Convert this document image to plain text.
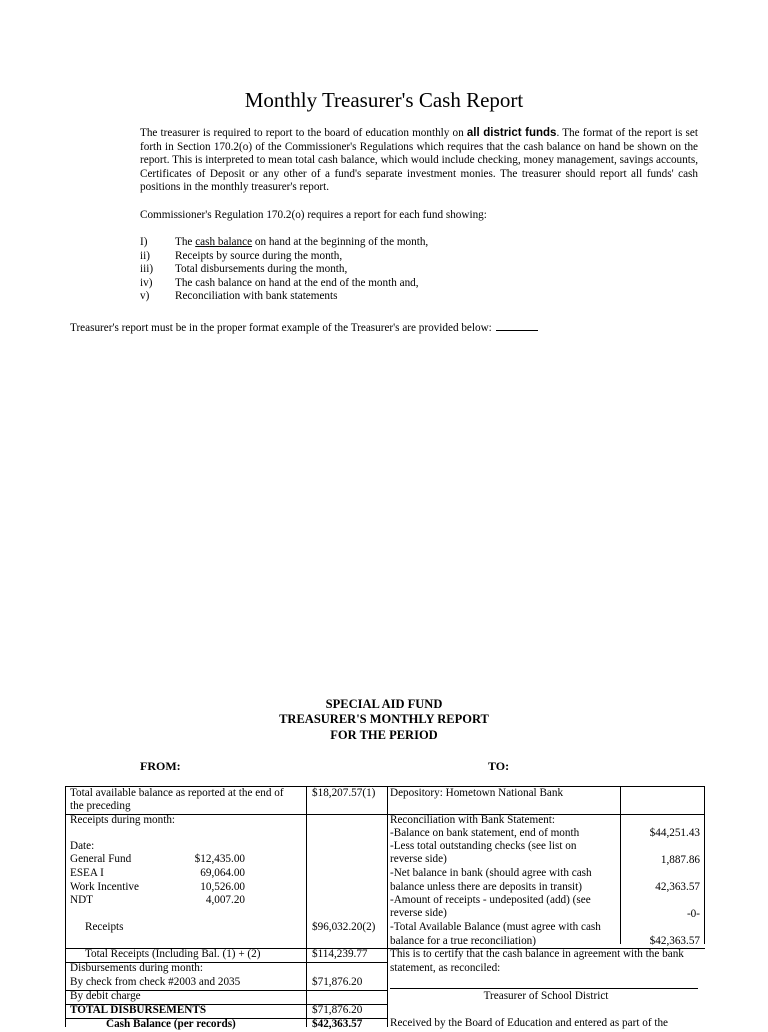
Monthly Treasurer's Cash Report
The treasurer is required to report to the board of education monthly on all district funds. The format of the report is set forth in Section 170.2(o) of the Commissioner's Regulations which requires that the cash balance on hand be shown on the report. This is interpreted to mean total cash balance, which would include checking, money management, savings accounts, Certificates of Deposit or any other of a fund's separate investment monies. The treasurer should report all funds' cash positions in the monthly treasurer's report.
Commissioner's Regulation 170.2(o) requires a report for each fund showing:
I)	The cash balance on hand at the beginning of the month,
ii)	Receipts by source during the month,
iii)	Total disbursements during the month,
iv)	The cash balance on hand at the end of the month and,
v)	Reconciliation with bank statements
Treasurer's report must be in the proper format example of the Treasurer's are provided below:
SPECIAL AID FUND
TREASURER'S MONTHLY REPORT
FOR THE PERIOD
FROM:	TO:
Total available balance as reported at the end of
the preceding
$18,207.57(1)
Receipts during month:
Date:
General Fund	$12,435.00
ESEA I	69,064.00
Work Incentive	10,526.00
NDT	4,007.20
Receipts	$96,032.20(2)
Total Receipts (Including Bal. (1) + (2)	$114,239.77
Disbursements during month:
By check from check #2003 and 2035	$71,876.20
By debit charge
TOTAL DISBURSEMENTS	$71,876.20
Cash Balance (per records)	$42,363.57
Depository: Hometown National Bank
Reconciliation with Bank Statement:
-Balance on bank statement, end of month	$44,251.43
-Less total outstanding checks (see list on
reverse side)	1,887.86
-Net balance in bank (should agree with cash
balance unless there are deposits in transit)	42,363.57
-Amount of receipts - undeposited (add) (see
reverse side)	-0-
-Total Available Balance (must agree with cash
balance for a true reconciliation)	$42,363.57
This is to certify that the cash balance in agreement with the bank
statement, as reconciled:
Treasurer of School District
Received by the Board of Education and entered as part of the
